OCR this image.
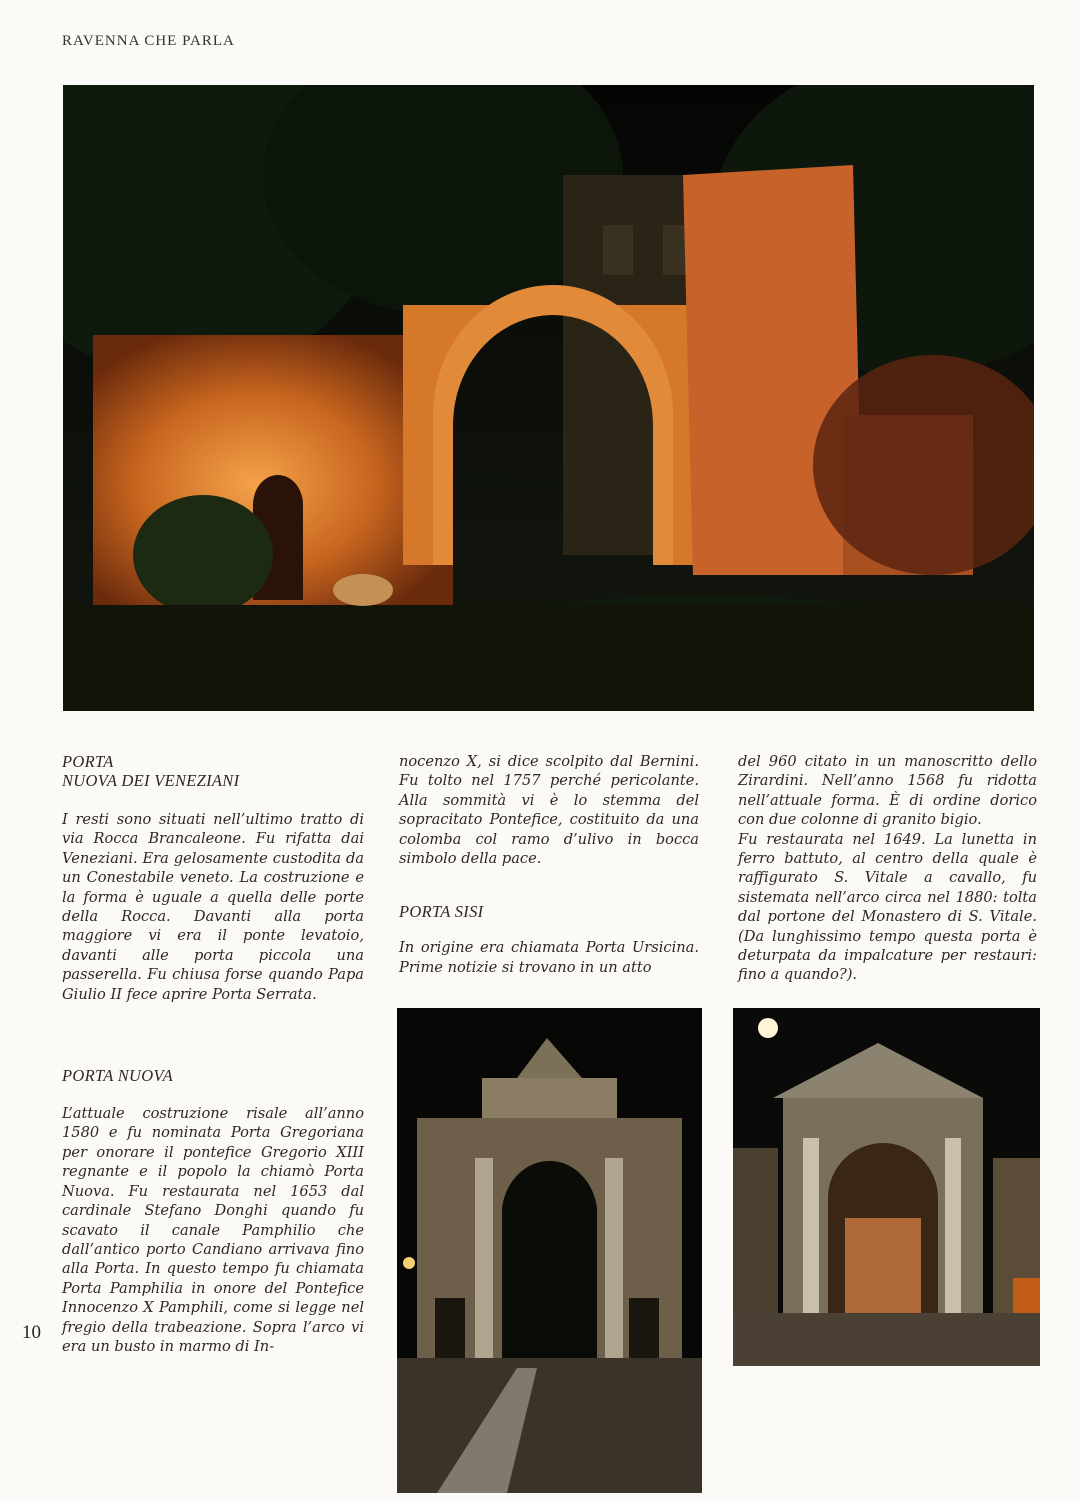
RAVENNA CHE PARLA

PORTA
NUOVA DEI VENEZIANI

I resti sono situati nell’ultimo tratto di via Rocca Brancaleone. Fu rifatta dai Veneziani. Era gelosamente custodita da un Conestabile veneto. La costruzione e la forma è uguale a quella delle porte della Rocca. Davanti alla porta maggiore vi era il ponte levatoio, davanti alle porta piccola una passerella. Fu chiusa forse quando Papa Giulio II fece aprire Porta Serrata.

PORTA NUOVA

L’attuale costruzione risale all’anno 1580 e fu nominata Porta Gregoriana per onorare il pontefice Gregorio XIII regnante e il popolo la chiamò Porta Nuova. Fu restaurata nel 1653 dal cardinale Stefano Donghi quando fu scavato il canale Pamphilio che dall’antico porto Candiano arrivava fino alla Porta. In questo tempo fu chiamata Porta Pamphilia in onore del Pontefice Innocenzo X Pamphili, come si legge nel fregio della trabeazione. Sopra l’arco vi era un busto in marmo di In-

nocenzo X, si dice scolpito dal Bernini. Fu tolto nel 1757 perché pericolante. Alla sommità vi è lo stemma del sopracitato Pontefice, costituito da una colomba col ramo d’ulivo in bocca simbolo della pace.

PORTA SISI

In origine era chiamata Porta Ursicina. Prime notizie si trovano in un atto

del 960 citato in un manoscritto dello Zirardini. Nell’anno 1568 fu ridotta nell’attuale forma. È di ordine dorico con due colonne di granito bigio.

Fu restaurata nel 1649. La lunetta in ferro battuto, al centro della quale è raffigurato S. Vitale a cavallo, fu sistemata nell’arco circa nel 1880: tolta dal portone del Monastero di S. Vitale. (Da lunghissimo tempo questa porta è deturpata da impalcature per restauri: fino a quando?).

10
